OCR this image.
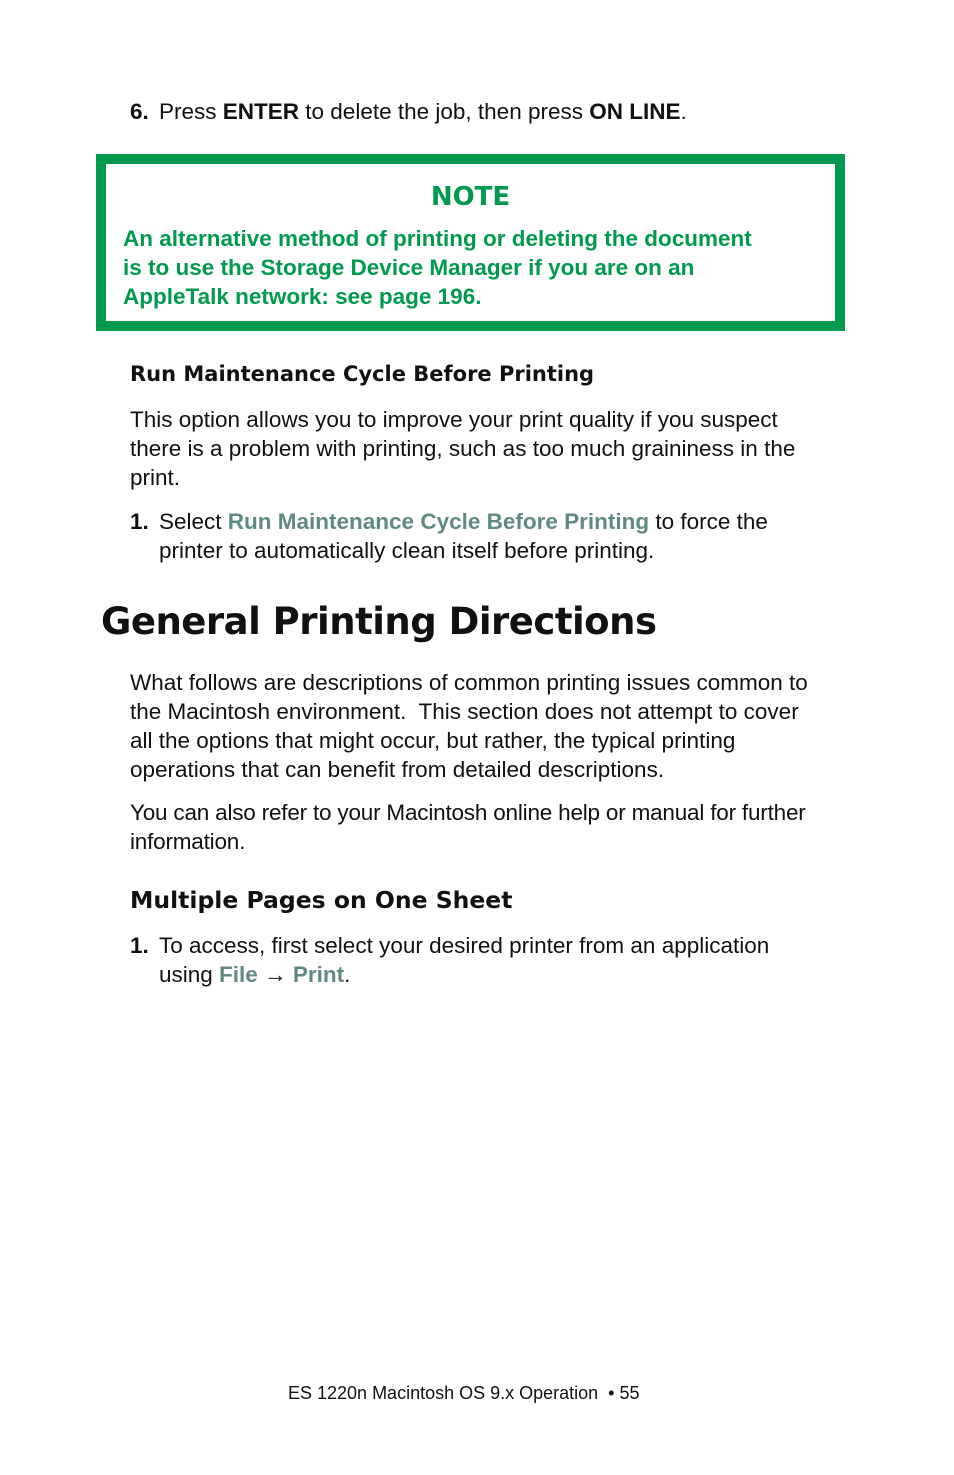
6. Press ENTER to delete the job, then press ON LINE.
NOTE
An alternative method of printing or deleting the document
is to use the Storage Device Manager if you are on an
AppleTalk network: see page 196.
Run Maintenance Cycle Before Printing
This option allows you to improve your print quality if you suspect
there is a problem with printing, such as too much graininess in the
print.
1. Select Run Maintenance Cycle Before Printing to force the
printer to automatically clean itself before printing.
General Printing Directions
What follows are descriptions of common printing issues common to
the Macintosh environment.  This section does not attempt to cover
all the options that might occur, but rather, the typical printing
operations that can benefit from detailed descriptions.
You can also refer to your Macintosh online help or manual for further
information.
Multiple Pages on One Sheet
1. To access, first select your desired printer from an application
using File → Print.
ES 1220n Macintosh OS 9.x Operation  • 55
